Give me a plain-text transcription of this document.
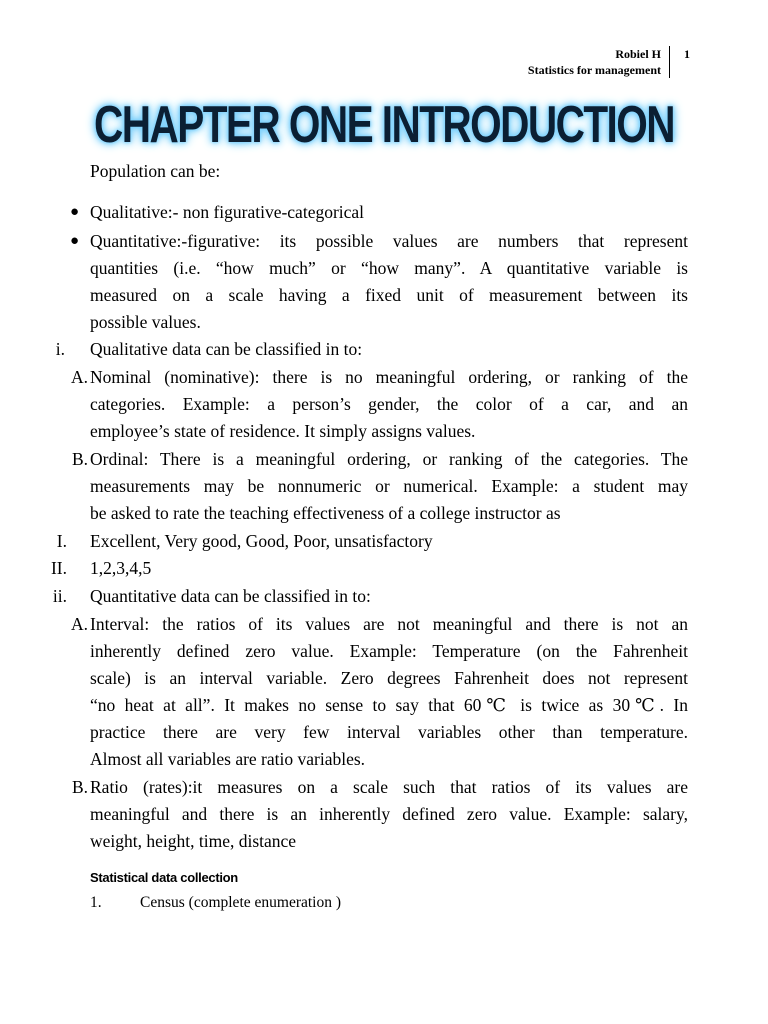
Robiel H
Statistics for management
1
CHAPTER ONE INTRODUCTION
Population can be:
● Qualitative:- non figurative-categorical
● Quantitative:-figurative: its possible values are numbers that represent
quantities (i.e. “how much” or “how many”. A quantitative variable is
measured on a scale having a fixed unit of measurement between its
possible values.
i. Qualitative data can be classified in to:
A. Nominal (nominative): there is no meaningful ordering, or ranking of the
categories. Example: a person’s gender, the color of a car, and an
employee’s state of residence. It simply assigns values.
B. Ordinal: There is a meaningful ordering, or ranking of the categories. The
measurements may be nonnumeric or numerical. Example: a student may
be asked to rate the teaching effectiveness of a college instructor as
I. Excellent, Very good, Good, Poor, unsatisfactory
II. 1,2,3,4,5
ii. Quantitative data can be classified in to:
A. Interval: the ratios of its values are not meaningful and there is not an
inherently defined zero value. Example: Temperature (on the Fahrenheit
scale) is an interval variable. Zero degrees Fahrenheit does not represent
“no heat at all”. It makes no sense to say that 60℃ is twice as 30℃. In
practice there are very few interval variables other than temperature.
Almost all variables are ratio variables.
B. Ratio (rates):it measures on a scale such that ratios of its values are
meaningful and there is an inherently defined zero value. Example: salary,
weight, height, time, distance
Statistical data collection
1. Census (complete enumeration )
